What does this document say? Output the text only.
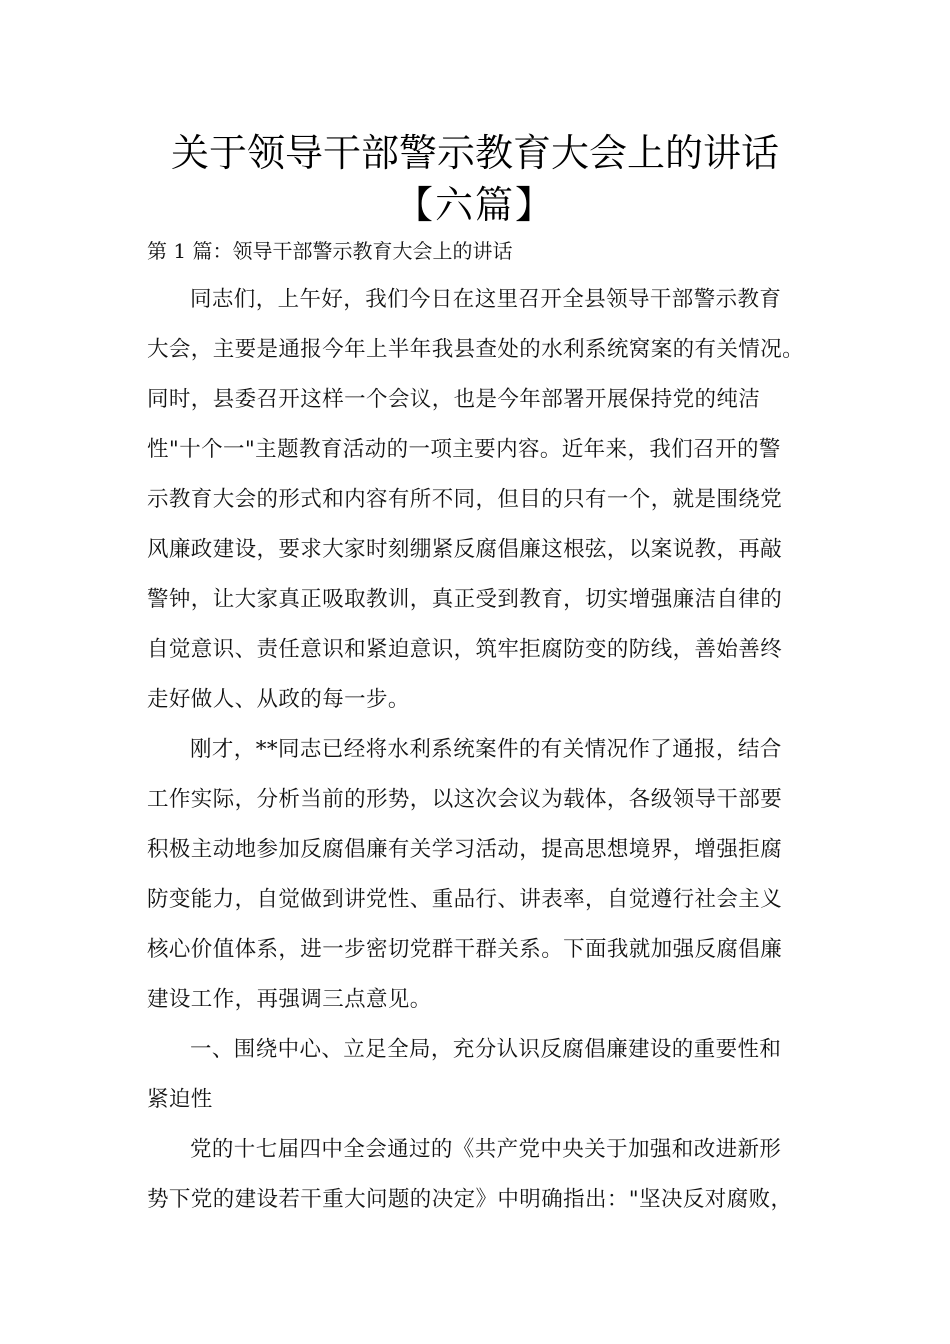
关于领导干部警示教育大会上的讲话
【六篇】
第 1 篇：领导干部警示教育大会上的讲话
同志们，上午好，我们今日在这里召开全县领导干部警示教育
大会，主要是通报今年上半年我县查处的水利系统窝案的有关情况。
同时，县委召开这样一个会议，也是今年部署开展保持党的纯洁
性"十个一"主题教育活动的一项主要内容。近年来，我们召开的警
示教育大会的形式和内容有所不同，但目的只有一个，就是围绕党
风廉政建设，要求大家时刻绷紧反腐倡廉这根弦，以案说教，再敲
警钟，让大家真正吸取教训，真正受到教育，切实增强廉洁自律的
自觉意识、责任意识和紧迫意识，筑牢拒腐防变的防线，善始善终
走好做人、从政的每一步。
刚才，**同志已经将水利系统案件的有关情况作了通报，结合
工作实际，分析当前的形势，以这次会议为载体，各级领导干部要
积极主动地参加反腐倡廉有关学习活动，提高思想境界，增强拒腐
防变能力，自觉做到讲党性、重品行、讲表率，自觉遵行社会主义
核心价值体系，进一步密切党群干群关系。下面我就加强反腐倡廉
建设工作，再强调三点意见。
一、围绕中心、立足全局，充分认识反腐倡廉建设的重要性和
紧迫性
党的十七届四中全会通过的《共产党中央关于加强和改进新形
势下党的建设若干重大问题的决定》中明确指出："坚决反对腐败，
